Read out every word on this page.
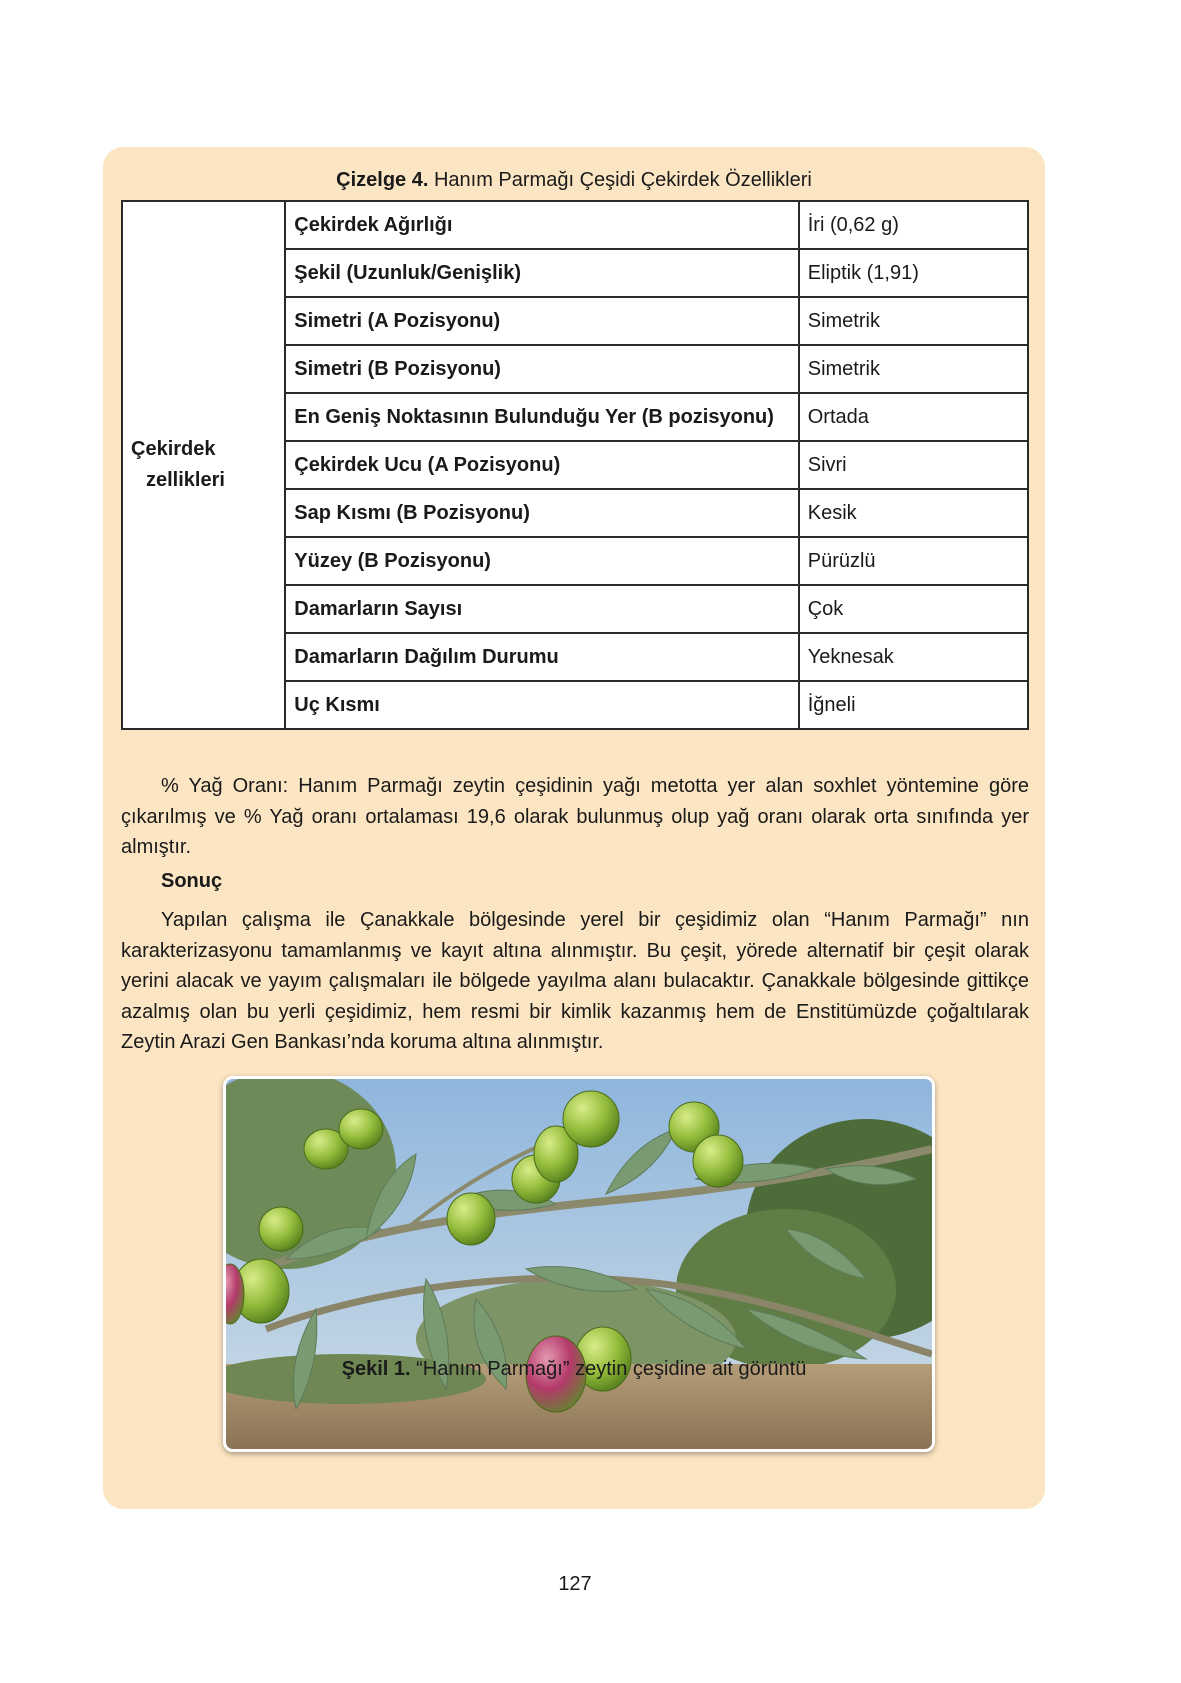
Çizelge 4. Hanım Parmağı Çeşidi Çekirdek Özellikleri
Çekirdek
zellikleri	Çekirdek Ağırlığı	İri (0,62 g)
	Şekil (Uzunluk/Genişlik)	Eliptik (1,91)
	Simetri (A Pozisyonu)	Simetrik
	Simetri (B Pozisyonu)	Simetrik
	En Geniş Noktasının Bulunduğu Yer (B pozisyonu)	Ortada
	Çekirdek Ucu (A Pozisyonu)	Sivri
	Sap Kısmı (B Pozisyonu)	Kesik
	Yüzey (B Pozisyonu)	Pürüzlü
	Damarların Sayısı	Çok
	Damarların Dağılım Durumu	Yeknesak
	Uç Kısmı	İğneli

% Yağ Oranı: Hanım Parmağı zeytin çeşidinin yağı metotta yer alan soxhlet yöntemine göre çıkarılmış ve % Yağ oranı ortalaması 19,6 olarak bulunmuş olup yağ oranı olarak orta sınıfında yer almıştır.

Sonuç

Yapılan çalışma ile Çanakkale bölgesinde yerel bir çeşidimiz olan “Hanım Parmağı” nın karakterizasyonu tamamlanmış ve kayıt altına alınmıştır. Bu çeşit, yörede alternatif bir çeşit olarak yerini alacak ve yayım çalışmaları ile bölgede yayılma alanı bulacaktır. Çanakkale bölgesinde gittikçe azalmış olan bu yerli çeşidimiz, hem resmi bir kimlik kazanmış hem de Enstitümüzde çoğaltılarak Zeytin Arazi Gen Bankası’nda koruma altına alınmıştır.

Şekil 1. “Hanım Parmağı” zeytin çeşidine ait görüntü
127
